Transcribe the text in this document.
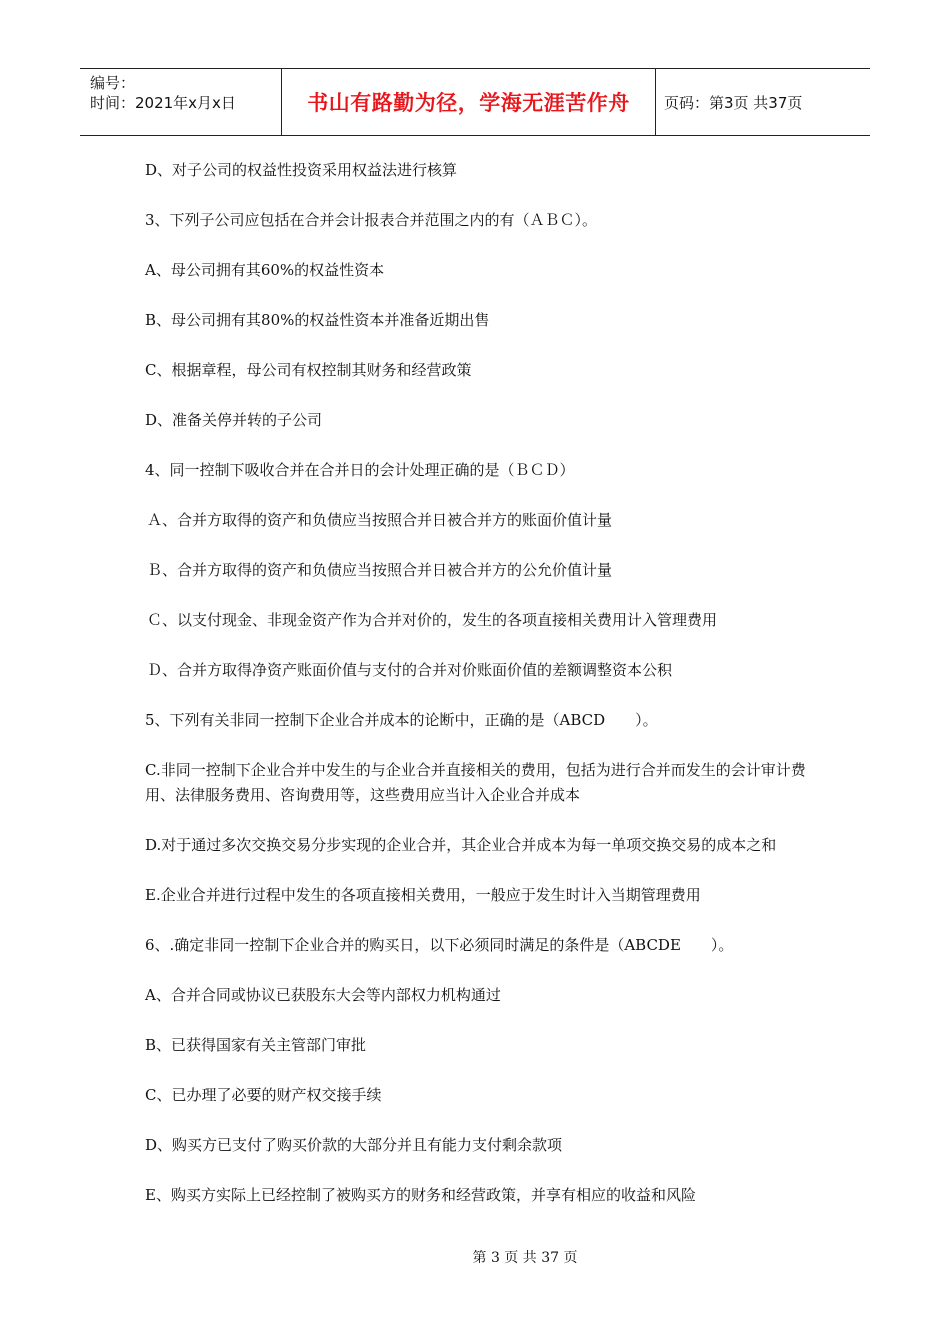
编号：
时间：2021年x月x日	书山有路勤为径，学海无涯苦作舟	页码：第3页 共37页
D、对子公司的权益性投资采用权益法进行核算
3、下列子公司应包括在合并会计报表合并范围之内的有（ＡＢＣ）。
A、母公司拥有其60%的权益性资本
B、母公司拥有其80%的权益性资本并准备近期出售
C、根据章程，母公司有权控制其财务和经营政策
D、准备关停并转的子公司
4、同一控制下吸收合并在合并日的会计处理正确的是（ＢＣＤ）
Ａ、合并方取得的资产和负债应当按照合并日被合并方的账面价值计量
Ｂ、合并方取得的资产和负债应当按照合并日被合并方的公允价值计量
Ｃ、以支付现金、非现金资产作为合并对价的，发生的各项直接相关费用计入管理费用
Ｄ、合并方取得净资产账面价值与支付的合并对价账面价值的差额调整资本公积
5、下列有关非同一控制下企业合并成本的论断中，正确的是（ABCD　　）。
C.非同一控制下企业合并中发生的与企业合并直接相关的费用，包括为进行合并而发生的会计审计费用、法律服务费用、咨询费用等，这些费用应当计入企业合并成本
D.对于通过多次交换交易分步实现的企业合并，其企业合并成本为每一单项交换交易的成本之和
E.企业合并进行过程中发生的各项直接相关费用，一般应于发生时计入当期管理费用
6、.确定非同一控制下企业合并的购买日，以下必须同时满足的条件是（ABCDE　　）。
A、合并合同或协议已获股东大会等内部权力机构通过
B、已获得国家有关主管部门审批
C、已办理了必要的财产权交接手续
D、购买方已支付了购买价款的大部分并且有能力支付剩余款项
E、购买方实际上已经控制了被购买方的财务和经营政策，并享有相应的收益和风险
第 3 页 共 37 页
